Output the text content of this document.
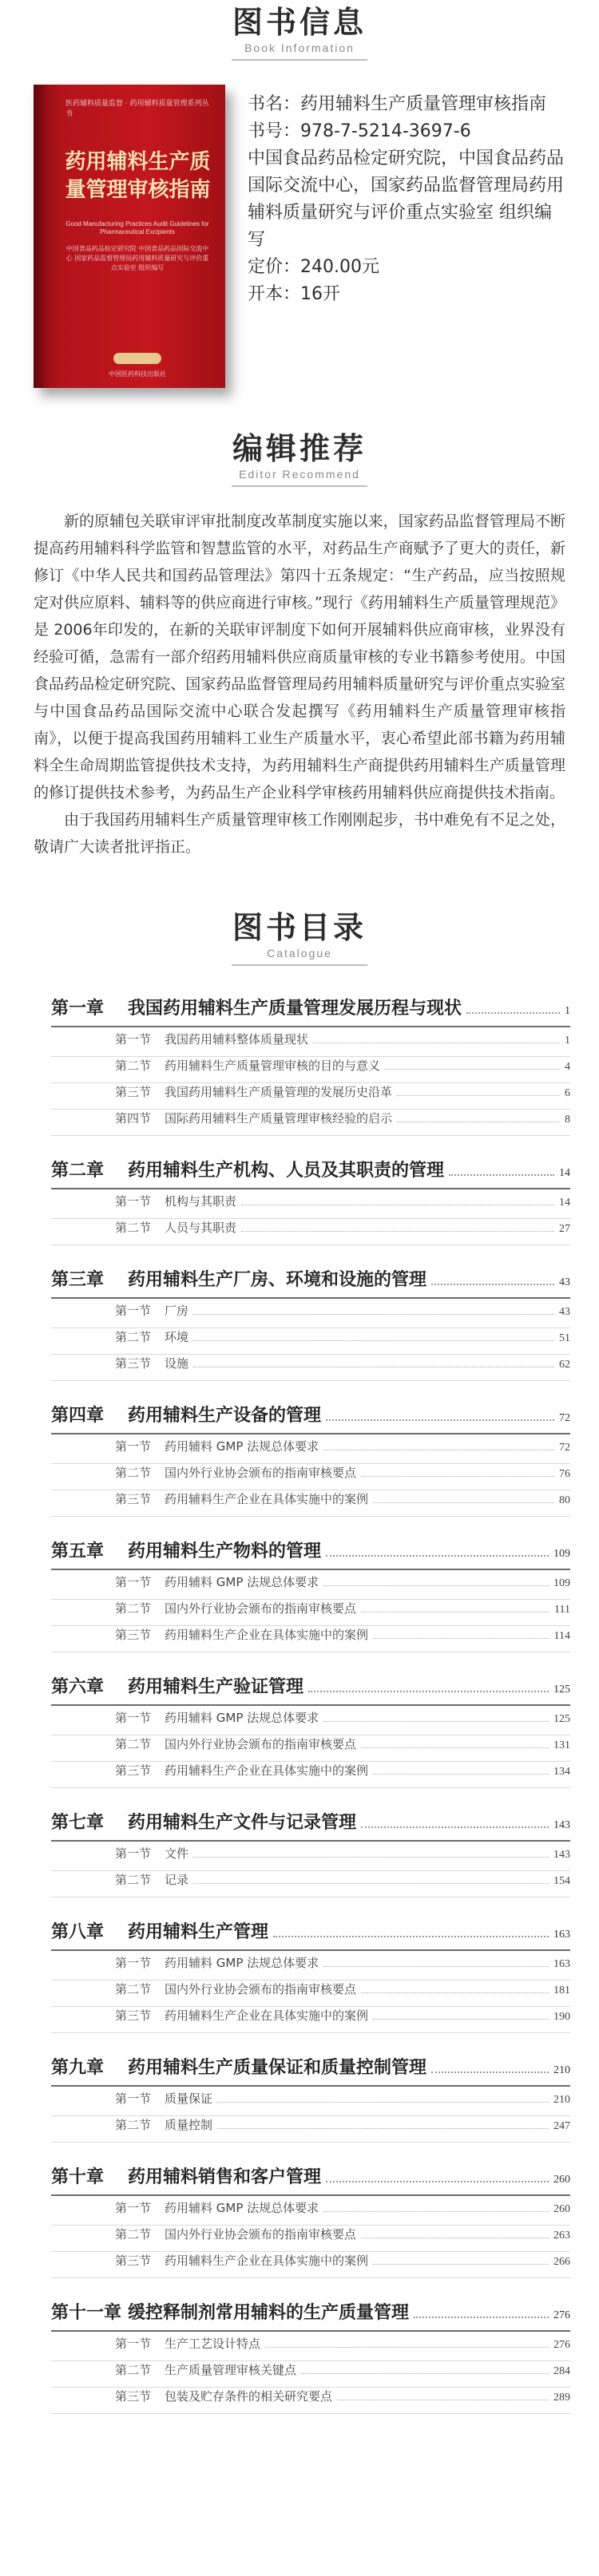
图书信息
Book Information
医药辅料质量监督 · 药用辅料质量管理系列丛书
药用辅料生产质量管理审核指南
Good Manufacturing Practices Audit Guidelines for Pharmaceutical Excipients
中国食品药品检定研究院 中国食品药品国际交流中心 国家药品监督管理局药用辅料质量研究与评价重点实验室 组织编写
中国医药科技出版社

书名：药用辅料生产质量管理审核指南

书号：978-7-5214-3697-6

中国食品药品检定研究院，中国食品药品国际交流中心，国家药品监督管理局药用辅料质量研究与评价重点实验室 组织编写

定价：240.00元

开本：16开

编辑推荐
Editor Recommend

新的原辅包关联审评审批制度改革制度实施以来，国家药品监督管理局不断提高药用辅料科学监管和智慧监管的水平，对药品生产商赋予了更大的责任，新修订《中华人民共和国药品管理法》第四十五条规定：“生产药品，应当按照规定对供应原料、辅料等的供应商进行审核。”现行《药用辅料生产质量管理规范》是 2006年印发的，在新的关联审评制度下如何开展辅料供应商审核，业界没有经验可循，急需有一部介绍药用辅料供应商质量审核的专业书籍参考使用。中国食品药品检定研究院、国家药品监督管理局药用辅料质量研究与评价重点实验室与中国食品药品国际交流中心联合发起撰写《药用辅料生产质量管理审核指南》，以便于提高我国药用辅料工业生产质量水平，衷心希望此部书籍为药用辅料全生命周期监管提供技术支持，为药用辅料生产商提供药用辅料生产质量管理的修订提供技术参考，为药品生产企业科学审核药用辅料供应商提供技术指南。

由于我国药用辅料生产质量管理审核工作刚刚起步，书中难免有不足之处，敬请广大读者批评指正。

图书目录
Catalogue
第一章	我国药用辅料生产质量管理发展历程与现状	1
第一节	我国药用辅料整体质量现状	1
第二节	药用辅料生产质量管理审核的目的与意义	4
第三节	我国药用辅料生产质量管理的发展历史沿革	6
第四节	国际药用辅料生产质量管理审核经验的启示	8
第二章	药用辅料生产机构、人员及其职责的管理	14
第一节	机构与其职责	14
第二节	人员与其职责	27
第三章	药用辅料生产厂房、环境和设施的管理	43
第一节	厂房	43
第二节	环境	51
第三节	设施	62
第四章	药用辅料生产设备的管理	72
第一节	药用辅料 GMP 法规总体要求	72
第二节	国内外行业协会颁布的指南审核要点	76
第三节	药用辅料生产企业在具体实施中的案例	80
第五章	药用辅料生产物料的管理	109
第一节	药用辅料 GMP 法规总体要求	109
第二节	国内外行业协会颁布的指南审核要点	111
第三节	药用辅料生产企业在具体实施中的案例	114
第六章	药用辅料生产验证管理	125
第一节	药用辅料 GMP 法规总体要求	125
第二节	国内外行业协会颁布的指南审核要点	131
第三节	药用辅料生产企业在具体实施中的案例	134
第七章	药用辅料生产文件与记录管理	143
第一节	文件	143
第二节	记录	154
第八章	药用辅料生产管理	163
第一节	药用辅料 GMP 法规总体要求	163
第二节	国内外行业协会颁布的指南审核要点	181
第三节	药用辅料生产企业在具体实施中的案例	190
第九章	药用辅料生产质量保证和质量控制管理	210
第一节	质量保证	210
第二节	质量控制	247
第十章	药用辅料销售和客户管理	260
第一节	药用辅料 GMP 法规总体要求	260
第二节	国内外行业协会颁布的指南审核要点	263
第三节	药用辅料生产企业在具体实施中的案例	266
第十一章 缓控释制剂常用辅料的生产质量管理	276
第一节	生产工艺设计特点	276
第二节	生产质量管理审核关键点	284
第三节	包装及贮存条件的相关研究要点	289
